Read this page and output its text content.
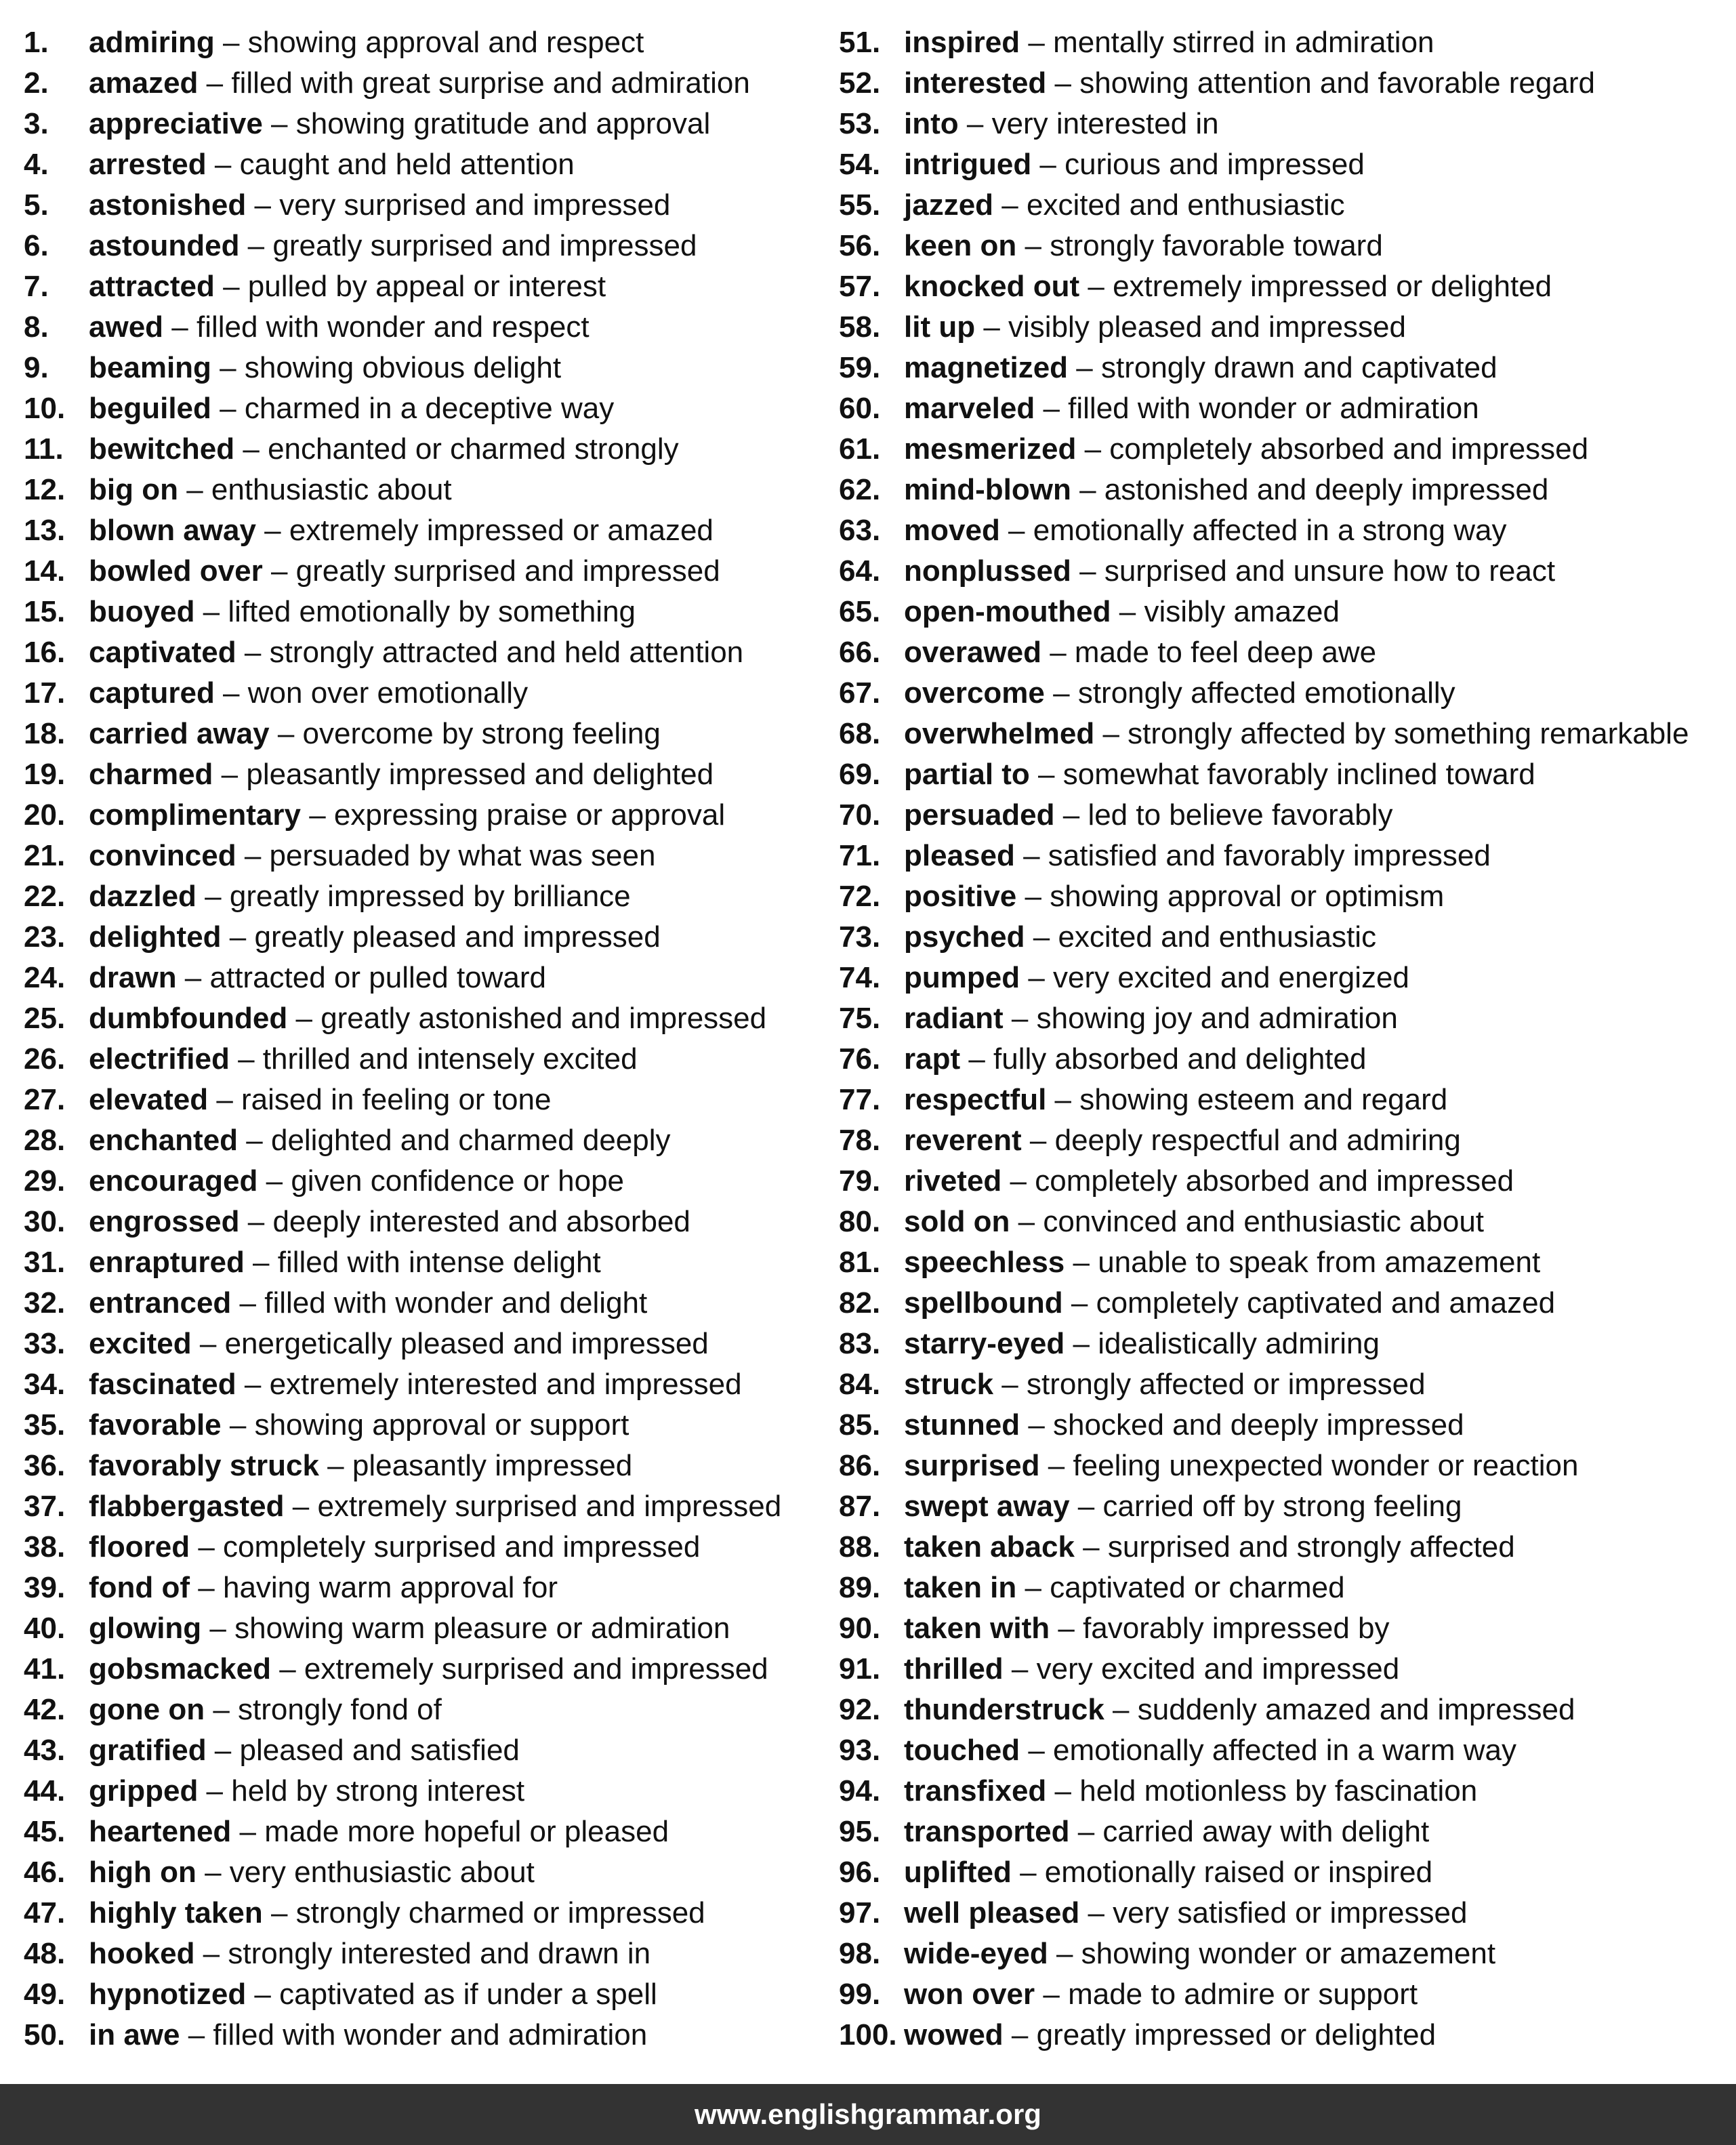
1.	admiring – showing approval and respect
2.	amazed – filled with great surprise and admiration
3.	appreciative – showing gratitude and approval
4.	arrested – caught and held attention
5.	astonished – very surprised and impressed
6.	astounded – greatly surprised and impressed
7.	attracted – pulled by appeal or interest
8.	awed – filled with wonder and respect
9.	beaming – showing obvious delight
10. beguiled – charmed in a deceptive way
11. bewitched – enchanted or charmed strongly
12. big on – enthusiastic about
13. blown away – extremely impressed or amazed
14. bowled over – greatly surprised and impressed
15. buoyed – lifted emotionally by something
16. captivated – strongly attracted and held attention
17. captured – won over emotionally
18. carried away – overcome by strong feeling
19. charmed – pleasantly impressed and delighted
20. complimentary – expressing praise or approval
21. convinced – persuaded by what was seen
22. dazzled – greatly impressed by brilliance
23. delighted – greatly pleased and impressed
24. drawn – attracted or pulled toward
25. dumbfounded – greatly astonished and impressed
26. electrified – thrilled and intensely excited
27. elevated – raised in feeling or tone
28. enchanted – delighted and charmed deeply
29. encouraged – given confidence or hope
30. engrossed – deeply interested and absorbed
31. enraptured – filled with intense delight
32. entranced – filled with wonder and delight
33. excited – energetically pleased and impressed
34. fascinated – extremely interested and impressed
35. favorable – showing approval or support
36. favorably struck – pleasantly impressed
37. flabbergasted – extremely surprised and impressed
38. floored – completely surprised and impressed
39. fond of – having warm approval for
40. glowing – showing warm pleasure or admiration
41. gobsmacked – extremely surprised and impressed
42. gone on – strongly fond of
43. gratified – pleased and satisfied
44. gripped – held by strong interest
45. heartened – made more hopeful or pleased
46. high on – very enthusiastic about
47. highly taken – strongly charmed or impressed
48. hooked – strongly interested and drawn in
49. hypnotized – captivated as if under a spell
50. in awe – filled with wonder and admiration
51. inspired – mentally stirred in admiration
52. interested – showing attention and favorable regard
53. into – very interested in
54. intrigued – curious and impressed
55. jazzed – excited and enthusiastic
56. keen on – strongly favorable toward
57. knocked out – extremely impressed or delighted
58. lit up – visibly pleased and impressed
59. magnetized – strongly drawn and captivated
60. marveled – filled with wonder or admiration
61. mesmerized – completely absorbed and impressed
62. mind-blown – astonished and deeply impressed
63. moved – emotionally affected in a strong way
64. nonplussed – surprised and unsure how to react
65. open-mouthed – visibly amazed
66. overawed – made to feel deep awe
67. overcome – strongly affected emotionally
68. overwhelmed – strongly affected by something remarkable
69. partial to – somewhat favorably inclined toward
70. persuaded – led to believe favorably
71. pleased – satisfied and favorably impressed
72. positive – showing approval or optimism
73. psyched – excited and enthusiastic
74. pumped – very excited and energized
75. radiant – showing joy and admiration
76. rapt – fully absorbed and delighted
77. respectful – showing esteem and regard
78. reverent – deeply respectful and admiring
79. riveted – completely absorbed and impressed
80. sold on – convinced and enthusiastic about
81. speechless – unable to speak from amazement
82. spellbound – completely captivated and amazed
83. starry-eyed – idealistically admiring
84. struck – strongly affected or impressed
85. stunned – shocked and deeply impressed
86. surprised – feeling unexpected wonder or reaction
87. swept away – carried off by strong feeling
88. taken aback – surprised and strongly affected
89. taken in – captivated or charmed
90. taken with – favorably impressed by
91. thrilled – very excited and impressed
92. thunderstruck – suddenly amazed and impressed
93. touched – emotionally affected in a warm way
94. transfixed – held motionless by fascination
95. transported – carried away with delight
96. uplifted – emotionally raised or inspired
97. well pleased – very satisfied or impressed
98. wide-eyed – showing wonder or amazement
99. won over – made to admire or support
100. wowed – greatly impressed or delighted
www.englishgrammar.org
